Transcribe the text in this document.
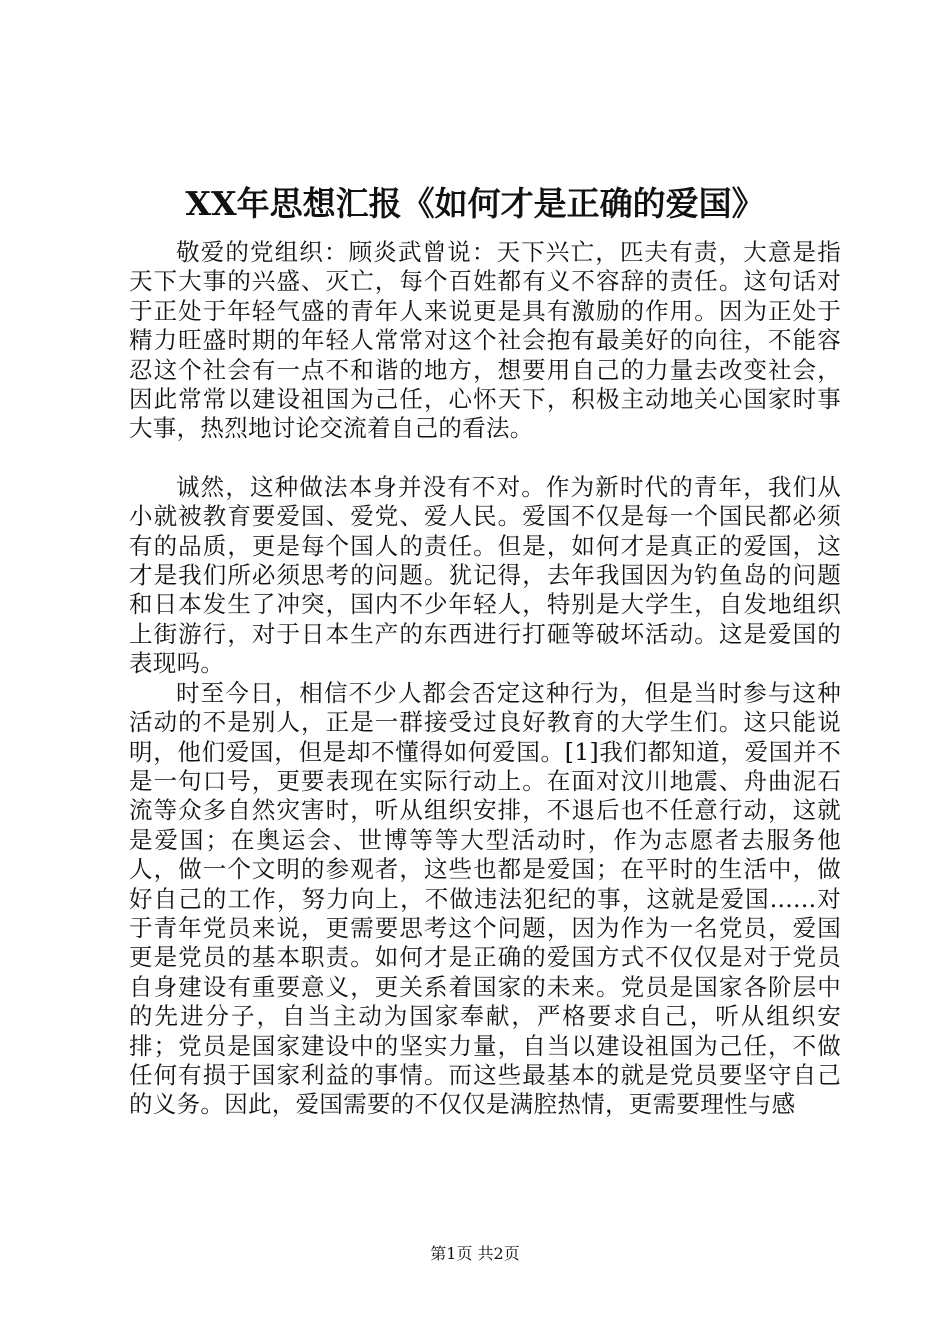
XX年思想汇报《如何才是正确的爱国》

敬爱的党组织：顾炎武曾说：天下兴亡，匹夫有责，大意是指天下大事的兴盛、灭亡，每个百姓都有义不容辞的责任。这句话对于正处于年轻气盛的青年人来说更是具有激励的作用。因为正处于精力旺盛时期的年轻人常常对这个社会抱有最美好的向往，不能容忍这个社会有一点不和谐的地方，想要用自己的力量去改变社会，因此常常以建设祖国为己任，心怀天下，积极主动地关心国家时事大事，热烈地讨论交流着自己的看法。

诚然，这种做法本身并没有不对。作为新时代的青年，我们从小就被教育要爱国、爱党、爱人民。爱国不仅是每一个国民都必须有的品质，更是每个国人的责任。但是，如何才是真正的爱国，这才是我们所必须思考的问题。犹记得，去年我国因为钓鱼岛的问题和日本发生了冲突，国内不少年轻人，特别是大学生，自发地组织上街游行，对于日本生产的东西进行打砸等破坏活动。这是爱国的表现吗。

时至今日，相信不少人都会否定这种行为，但是当时参与这种活动的不是别人，正是一群接受过良好教育的大学生们。这只能说明，他们爱国，但是却不懂得如何爱国。[1]我们都知道，爱国并不是一句口号，更要表现在实际行动上。在面对汶川地震、舟曲泥石流等众多自然灾害时，听从组织安排，不退后也不任意行动，这就是爱国；在奥运会、世博等等大型活动时，作为志愿者去服务他人，做一个文明的参观者，这些也都是爱国；在平时的生活中，做好自己的工作，努力向上，不做违法犯纪的事，这就是爱国......对于青年党员来说，更需要思考这个问题，因为作为一名党员，爱国更是党员的基本职责。如何才是正确的爱国方式不仅仅是对于党员自身建设有重要意义，更关系着国家的未来。党员是国家各阶层中的先进分子，自当主动为国家奉献，严格要求自己，听从组织安排；党员是国家建设中的坚实力量，自当以建设祖国为己任，不做任何有损于国家利益的事情。而这些最基本的就是党员要坚守自己的义务。因此，爱国需要的不仅仅是满腔热情，更需要理性与感

第1页 共2页
